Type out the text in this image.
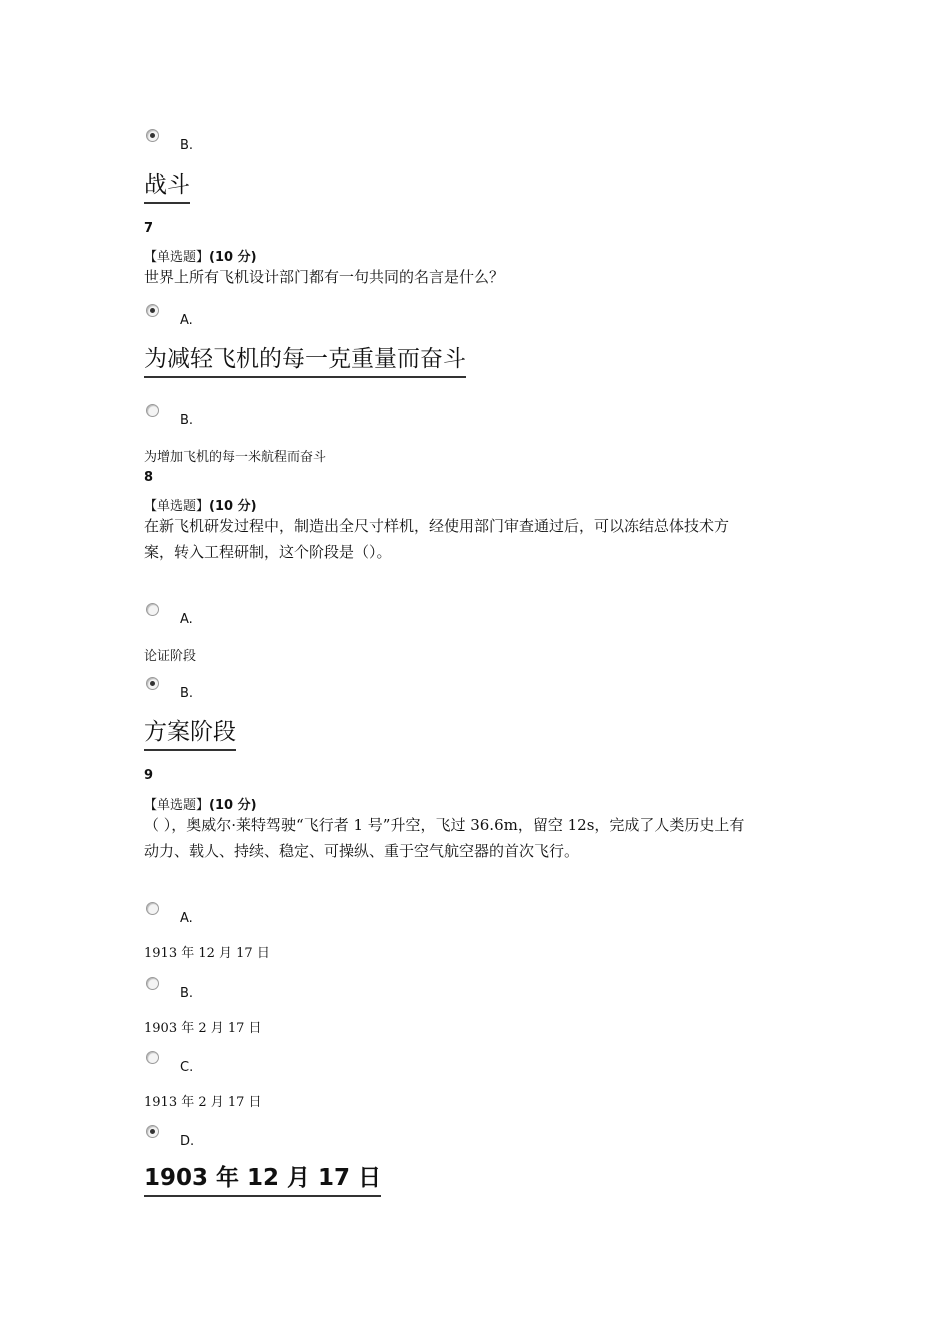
B.
战斗
7
【单选题】(10 分)
世界上所有飞机设计部门都有一句共同的名言是什么？
A.
为减轻飞机的每一克重量而奋斗
B.
为增加飞机的每一米航程而奋斗
8
【单选题】(10 分)
在新飞机研发过程中，制造出全尺寸样机，经使用部门审查通过后，可以冻结总体技术方
案，转入工程研制，这个阶段是（）。
A.
论证阶段
B.
方案阶段
9
【单选题】(10 分)
（ ），奥威尔·莱特驾驶“飞行者 1 号”升空，飞过 36.6m，留空 12s，完成了人类历史上有
动力、载人、持续、稳定、可操纵、重于空气航空器的首次飞行。
A.
1913 年 12 月 17 日
B.
1903 年 2 月 17 日
C.
1913 年 2 月 17 日
D.
1903 年 12 月 17 日
